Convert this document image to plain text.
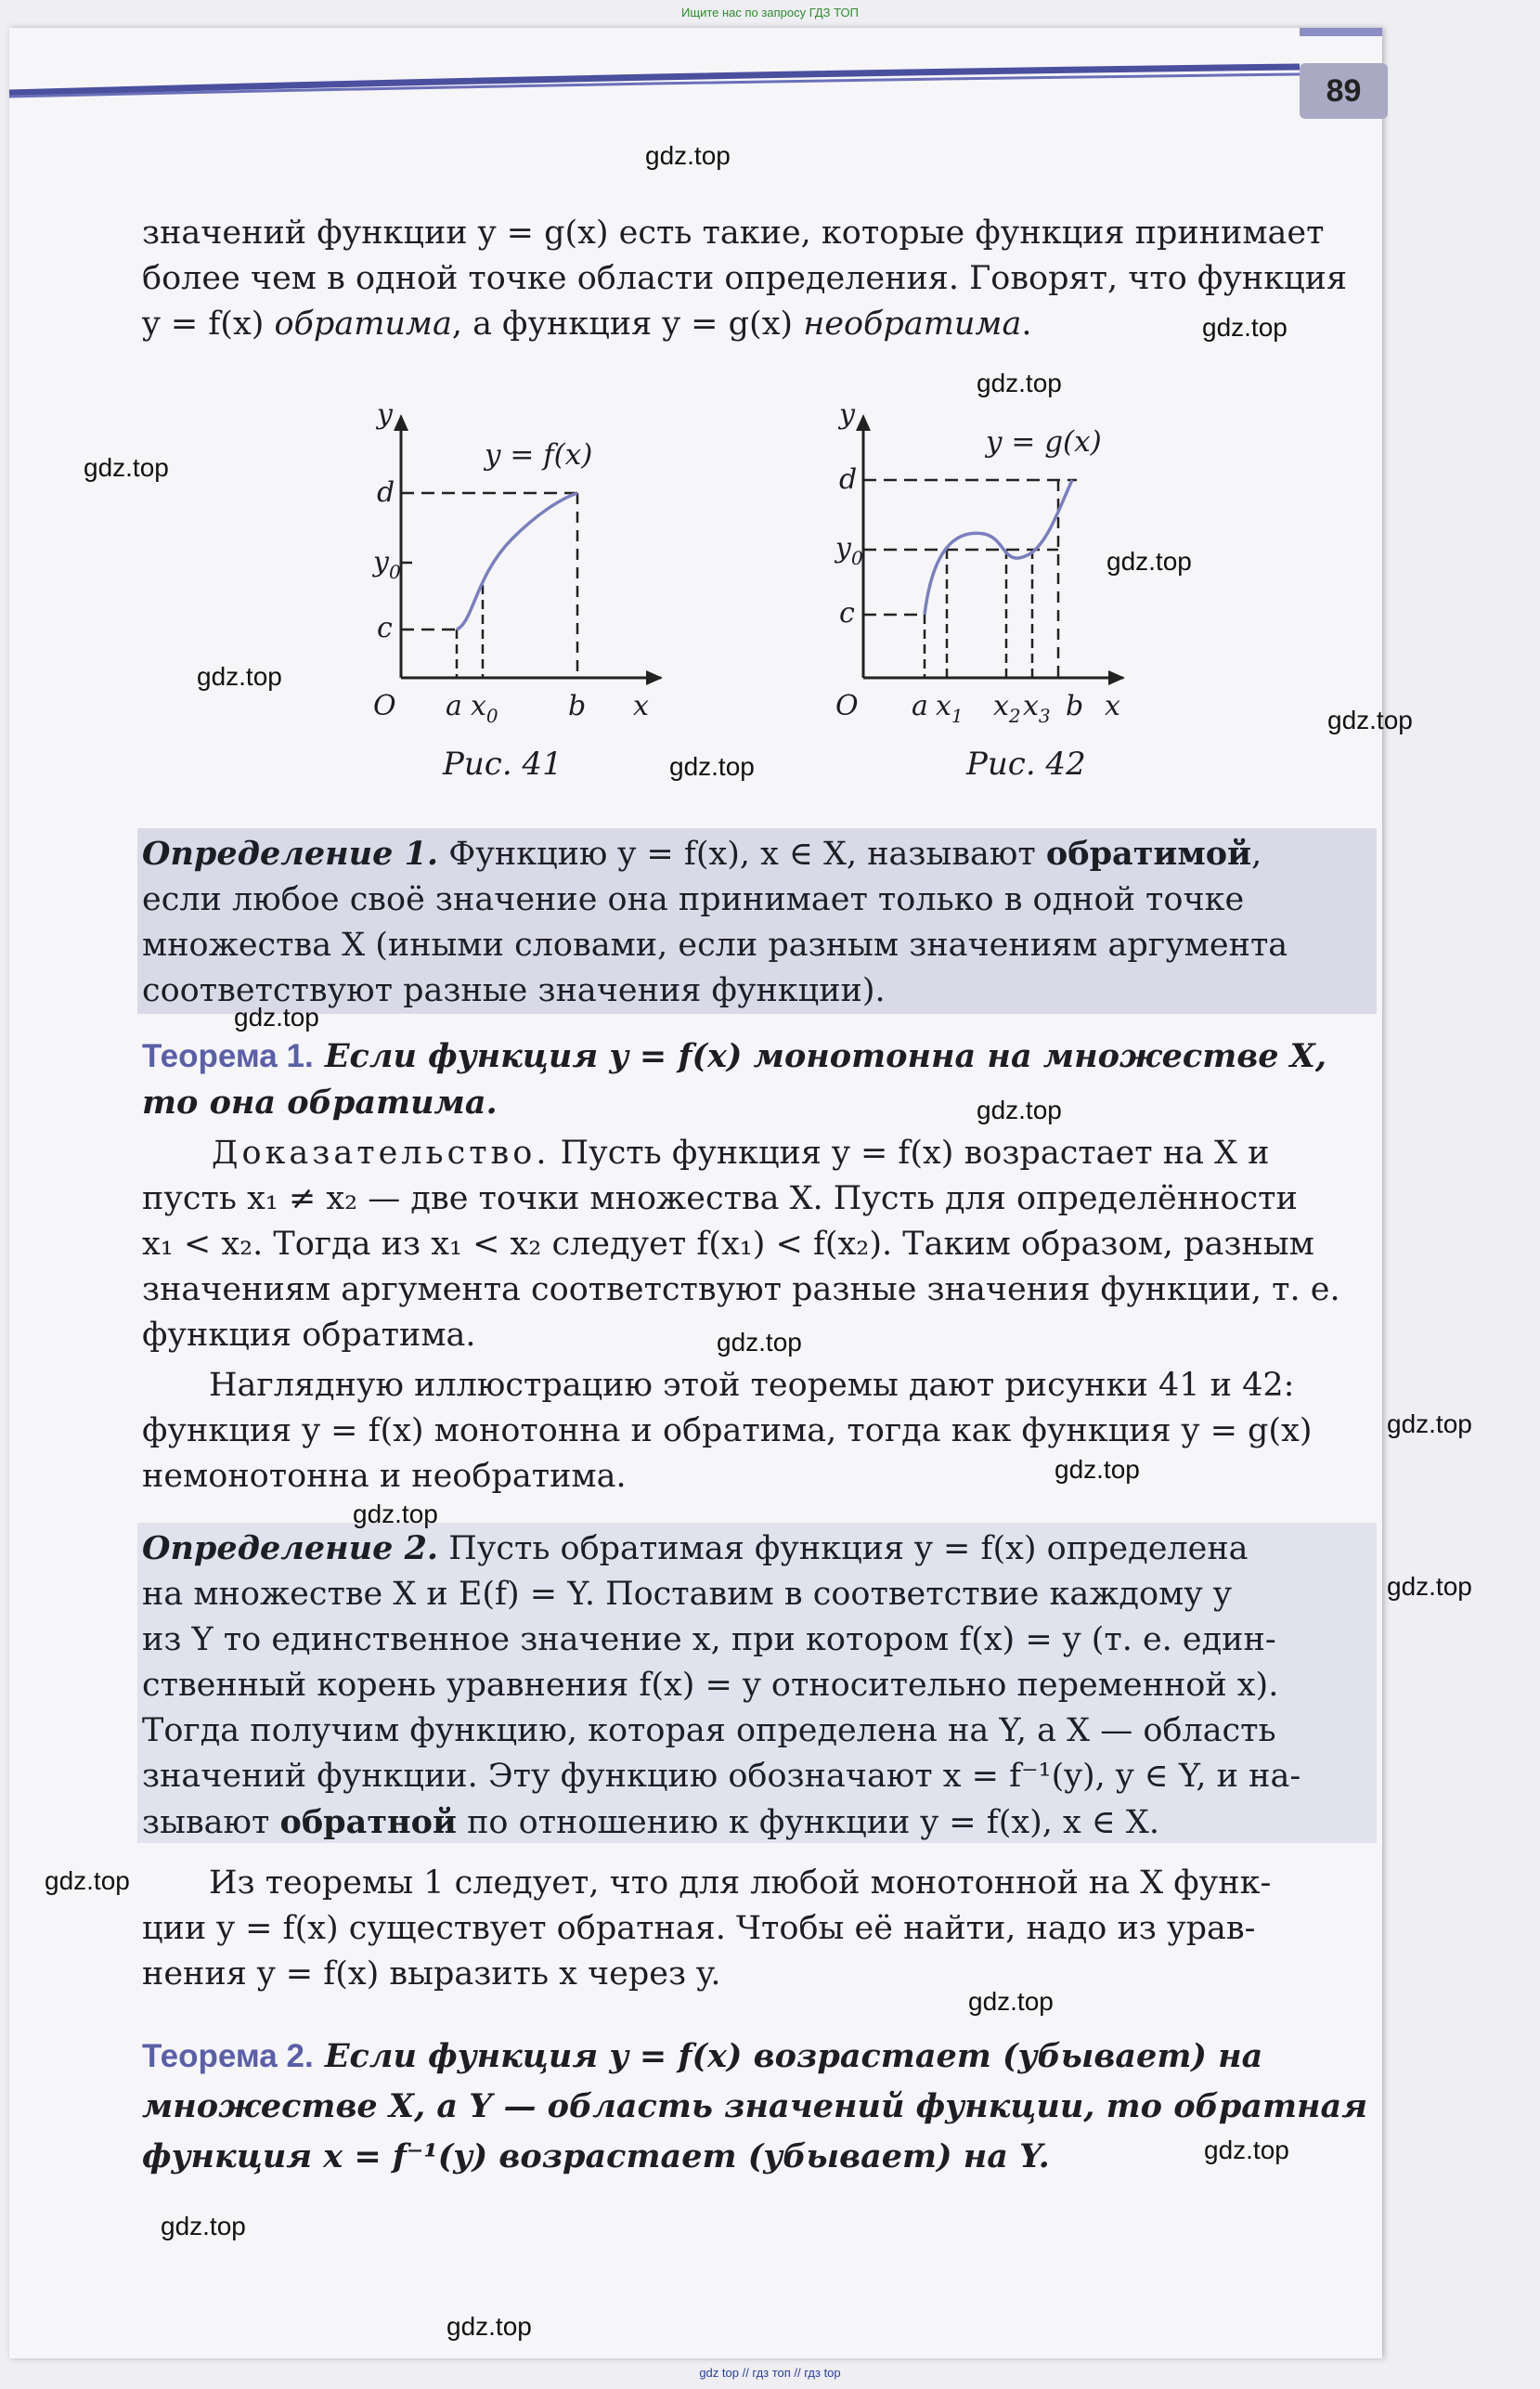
Ищите нас по запросу ГДЗ ТОП
89

значений функции y = g(x) есть такие, которые функция принимает
более чем в одной точке области определения. Говорят, что функция
y = f(x) обратима, а функция y = g(x) необратима.

y
x
O
d
$y_0$
c
a $x_0$	b
y = f(x)
Рис. 41
y
x
O
d
$y_0$
c
a $x_1$ $x_2$ $x_3$ b
y = g(x)
Рис. 42

Определение 1. Функцию y = f(x), x ∈ X, называют обратимой,
если любое своё значение она принимает только в одной точке
множества X (иными словами, если разным значениям аргумента
соответствуют разные значения функции).

Теорема 1. Если функция y = f(x) монотонна на множестве X,
то она обратима.

Доказательство. Пусть функция y = f(x) возрастает на X и
пусть x₁ ≠ x₂ — две точки множества X. Пусть для определённости
x₁ < x₂. Тогда из x₁ < x₂ следует f(x₁) < f(x₂). Таким образом, разным
значениям аргумента соответствуют разные значения функции, т. е.
функция обратима.

Наглядную иллюстрацию этой теоремы дают рисунки 41 и 42:
функция y = f(x) монотонна и обратима, тогда как функция y = g(x)
немонотонна и необратима.

Определение 2. Пусть обратимая функция y = f(x) определена
на множестве X и E(f) = Y. Поставим в соответствие каждому y
из Y то единственное значение x, при котором f(x) = y (т. е. един-
ственный корень уравнения f(x) = y относительно переменной x).
Тогда получим функцию, которая определена на Y, а X — область
значений функции. Эту функцию обозначают x = f⁻¹(y), y ∈ Y, и на-
зывают обратной по отношению к функции y = f(x), x ∈ X.

Из теоремы 1 следует, что для любой монотонной на X функ-
ции y = f(x) существует обратная. Чтобы её найти, надо из урав-
нения y = f(x) выразить x через y.

Теорема 2. Если функция y = f(x) возрастает (убывает) на
множестве X, а Y — область значений функции, то обратная
функция x = f⁻¹(y) возрастает (убывает) на Y.

gdz.top
gdz.top
gdz.top
gdz.top
gdz.top
gdz.top
gdz.top
gdz.top
gdz.top
gdz.top
gdz.top
gdz.top
gdz.top
gdz.top
gdz.top
gdz.top
gdz.top
gdz.top
gdz.top
gdz.top
gdz top // гдз топ // гдз top
